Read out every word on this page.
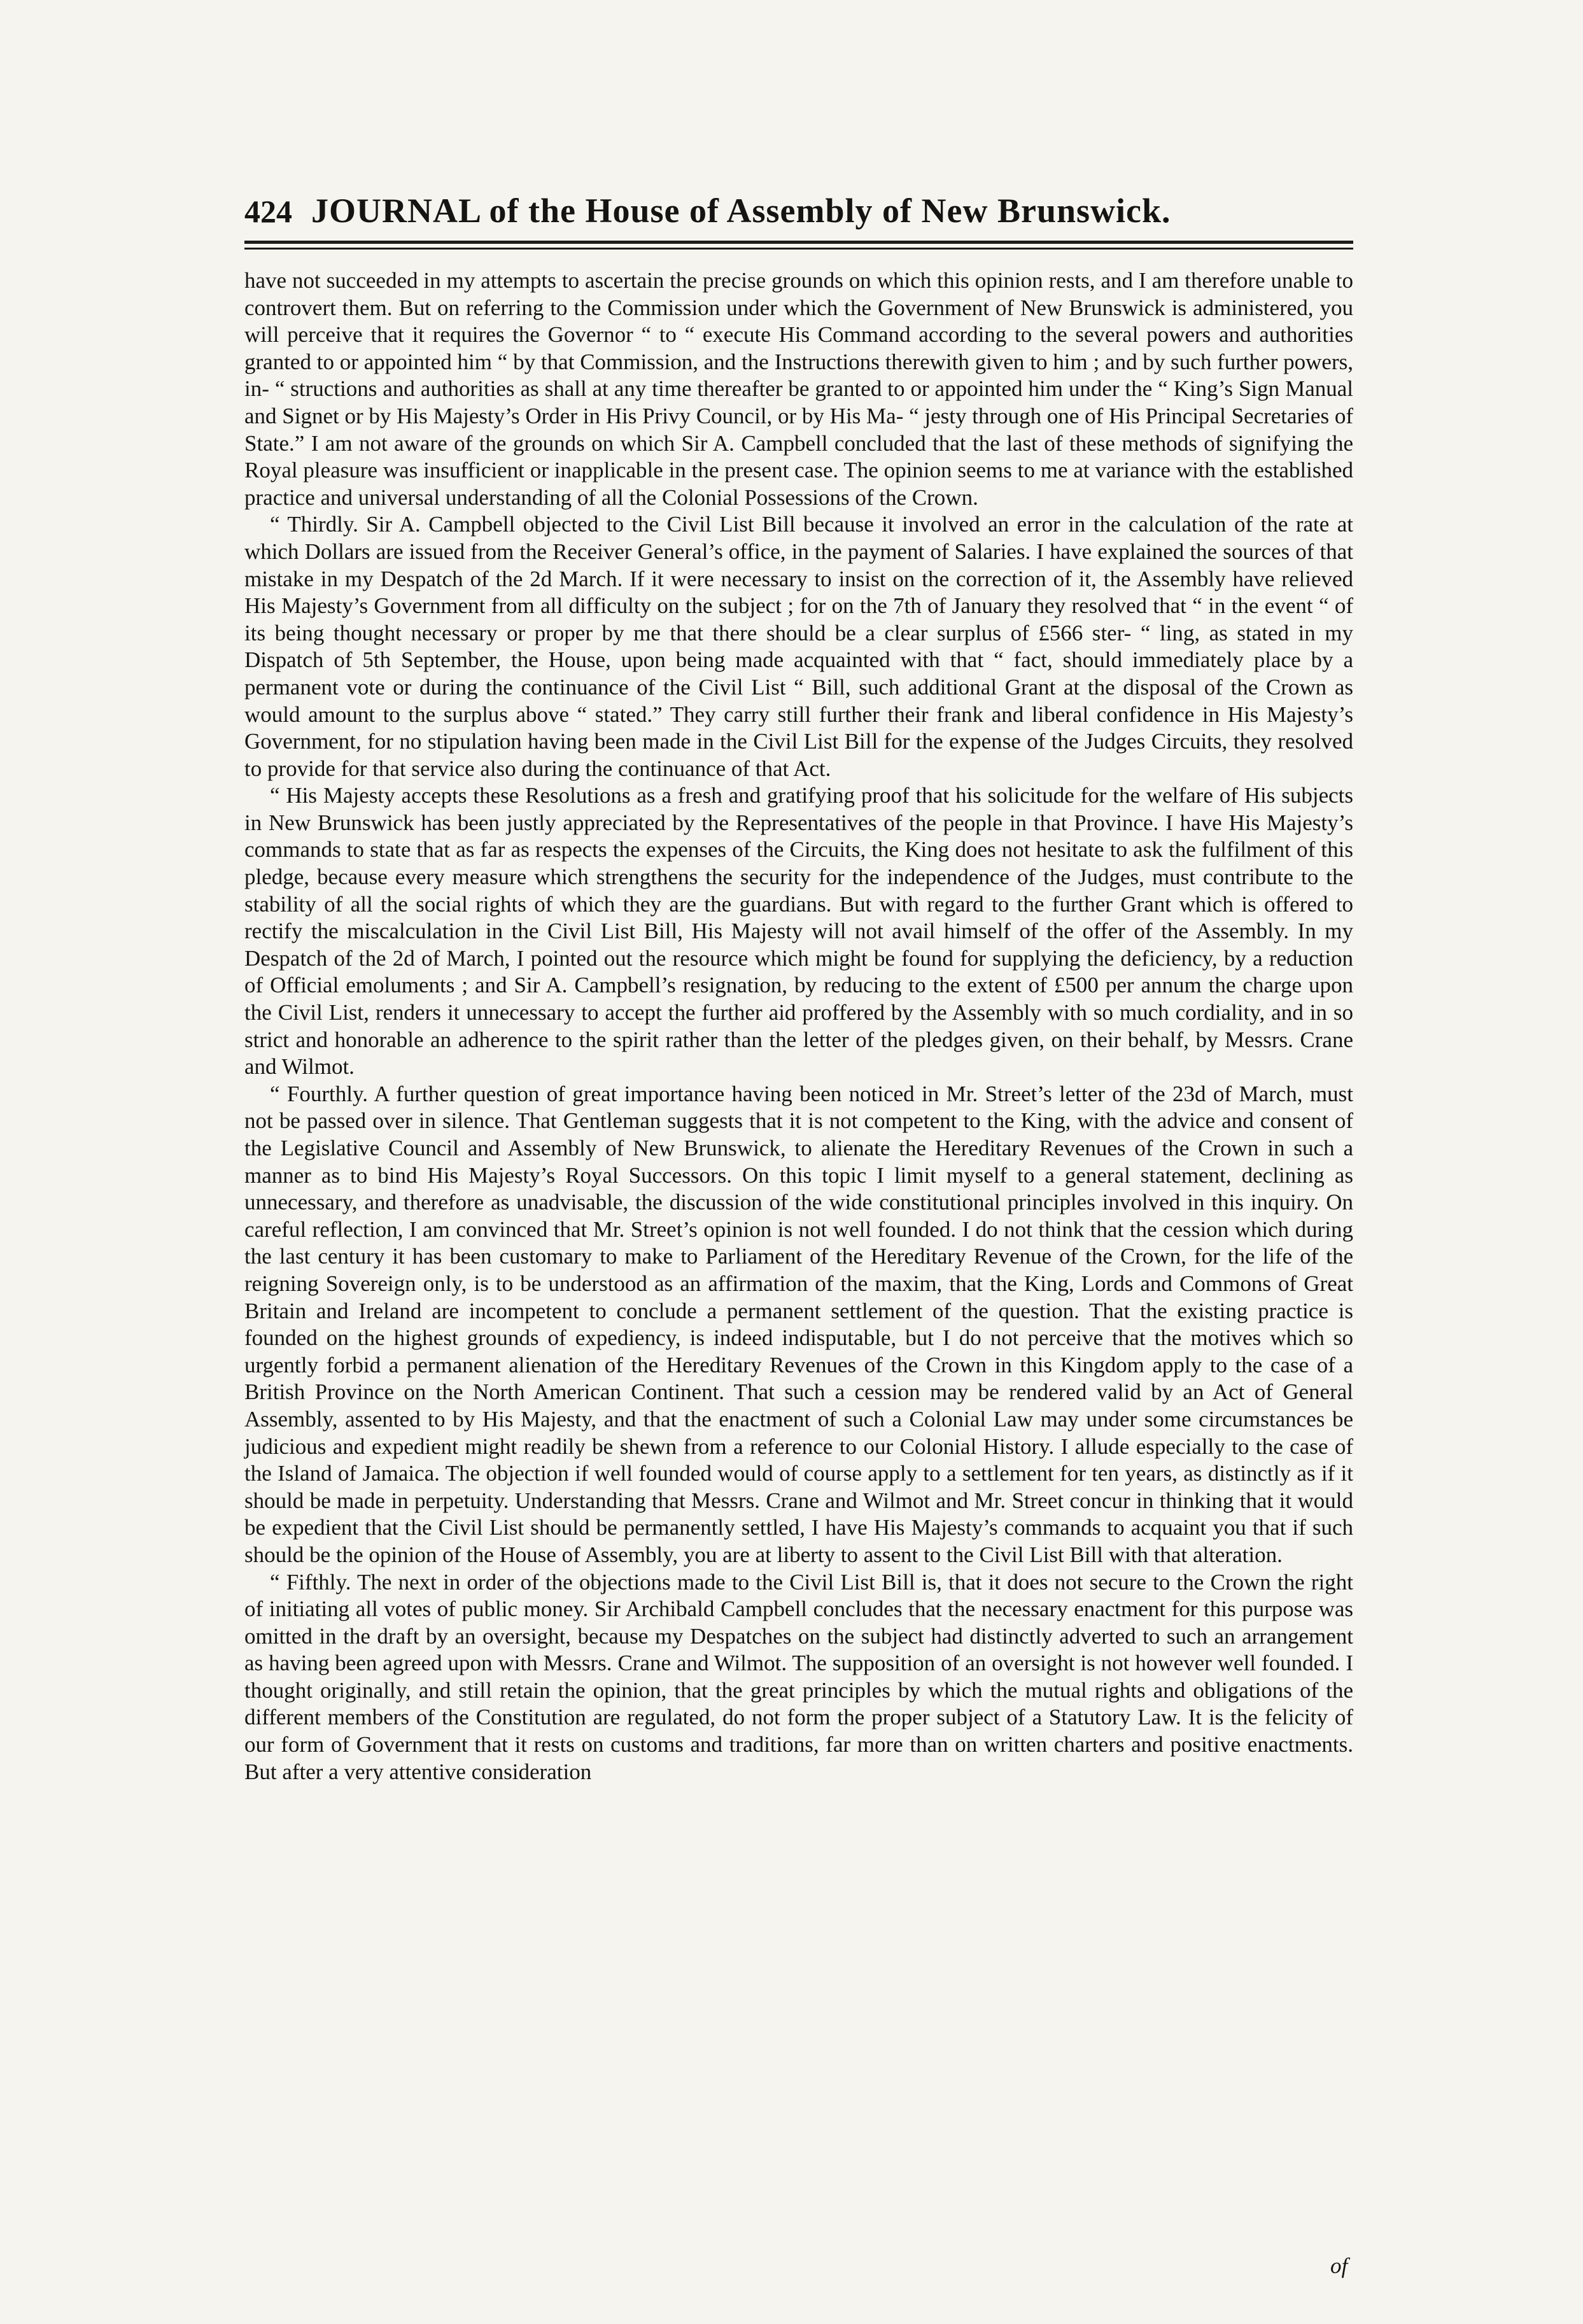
424 JOURNAL of the House of Assembly of New Brunswick.

have not succeeded in my attempts to ascertain the precise grounds on which this opinion rests, and I am therefore unable to controvert them. But on referring to the Commission under which the Government of New Brunswick is administered, you will perceive that it requires the Governor “ to “ execute His Command according to the several powers and authorities granted to or appointed him “ by that Commission, and the Instructions therewith given to him ; and by such further powers, in- “ structions and authorities as shall at any time thereafter be granted to or appointed him under the “ King’s Sign Manual and Signet or by His Majesty’s Order in His Privy Council, or by His Ma- “ jesty through one of His Principal Secretaries of State.” I am not aware of the grounds on which Sir A. Campbell concluded that the last of these methods of signifying the Royal pleasure was insufficient or inapplicable in the present case. The opinion seems to me at variance with the established practice and universal understanding of all the Colonial Possessions of the Crown.

“ Thirdly. Sir A. Campbell objected to the Civil List Bill because it involved an error in the calculation of the rate at which Dollars are issued from the Receiver General’s office, in the payment of Salaries. I have explained the sources of that mistake in my Despatch of the 2d March. If it were necessary to insist on the correction of it, the Assembly have relieved His Majesty’s Government from all difficulty on the subject ; for on the 7th of January they resolved that “ in the event “ of its being thought necessary or proper by me that there should be a clear surplus of £566 ster- “ ling, as stated in my Dispatch of 5th September, the House, upon being made acquainted with that “ fact, should immediately place by a permanent vote or during the continuance of the Civil List “ Bill, such additional Grant at the disposal of the Crown as would amount to the surplus above “ stated.” They carry still further their frank and liberal confidence in His Majesty’s Government, for no stipulation having been made in the Civil List Bill for the expense of the Judges Circuits, they resolved to provide for that service also during the continuance of that Act.

“ His Majesty accepts these Resolutions as a fresh and gratifying proof that his solicitude for the welfare of His subjects in New Brunswick has been justly appreciated by the Representatives of the people in that Province. I have His Majesty’s commands to state that as far as respects the expenses of the Circuits, the King does not hesitate to ask the fulfilment of this pledge, because every measure which strengthens the security for the independence of the Judges, must contribute to the stability of all the social rights of which they are the guardians. But with regard to the further Grant which is offered to rectify the miscalculation in the Civil List Bill, His Majesty will not avail himself of the offer of the Assembly. In my Despatch of the 2d of March, I pointed out the resource which might be found for supplying the deficiency, by a reduction of Official emoluments ; and Sir A. Campbell’s resignation, by reducing to the extent of £500 per annum the charge upon the Civil List, renders it unnecessary to accept the further aid proffered by the Assembly with so much cordiality, and in so strict and honorable an adherence to the spirit rather than the letter of the pledges given, on their behalf, by Messrs. Crane and Wilmot.

“ Fourthly. A further question of great importance having been noticed in Mr. Street’s letter of the 23d of March, must not be passed over in silence. That Gentleman suggests that it is not competent to the King, with the advice and consent of the Legislative Council and Assembly of New Brunswick, to alienate the Hereditary Revenues of the Crown in such a manner as to bind His Majesty’s Royal Successors. On this topic I limit myself to a general statement, declining as unnecessary, and therefore as unadvisable, the discussion of the wide constitutional principles involved in this inquiry. On careful reflection, I am convinced that Mr. Street’s opinion is not well founded. I do not think that the cession which during the last century it has been customary to make to Parliament of the Hereditary Revenue of the Crown, for the life of the reigning Sovereign only, is to be understood as an affirmation of the maxim, that the King, Lords and Commons of Great Britain and Ireland are incompetent to conclude a permanent settlement of the question. That the existing practice is founded on the highest grounds of expediency, is indeed indisputable, but I do not perceive that the motives which so urgently forbid a permanent alienation of the Hereditary Revenues of the Crown in this Kingdom apply to the case of a British Province on the North American Continent. That such a cession may be rendered valid by an Act of General Assembly, assented to by His Majesty, and that the enactment of such a Colonial Law may under some circumstances be judicious and expedient might readily be shewn from a reference to our Colonial History. I allude especially to the case of the Island of Jamaica. The objection if well founded would of course apply to a settlement for ten years, as distinctly as if it should be made in perpetuity. Understanding that Messrs. Crane and Wilmot and Mr. Street concur in thinking that it would be expedient that the Civil List should be permanently settled, I have His Majesty’s commands to acquaint you that if such should be the opinion of the House of Assembly, you are at liberty to assent to the Civil List Bill with that alteration.

“ Fifthly. The next in order of the objections made to the Civil List Bill is, that it does not secure to the Crown the right of initiating all votes of public money. Sir Archibald Campbell concludes that the necessary enactment for this purpose was omitted in the draft by an oversight, because my Despatches on the subject had distinctly adverted to such an arrangement as having been agreed upon with Messrs. Crane and Wilmot. The supposition of an oversight is not however well founded. I thought originally, and still retain the opinion, that the great principles by which the mutual rights and obligations of the different members of the Constitution are regulated, do not form the proper subject of a Statutory Law. It is the felicity of our form of Government that it rests on customs and traditions, far more than on written charters and positive enactments. But after a very attentive consideration

of
